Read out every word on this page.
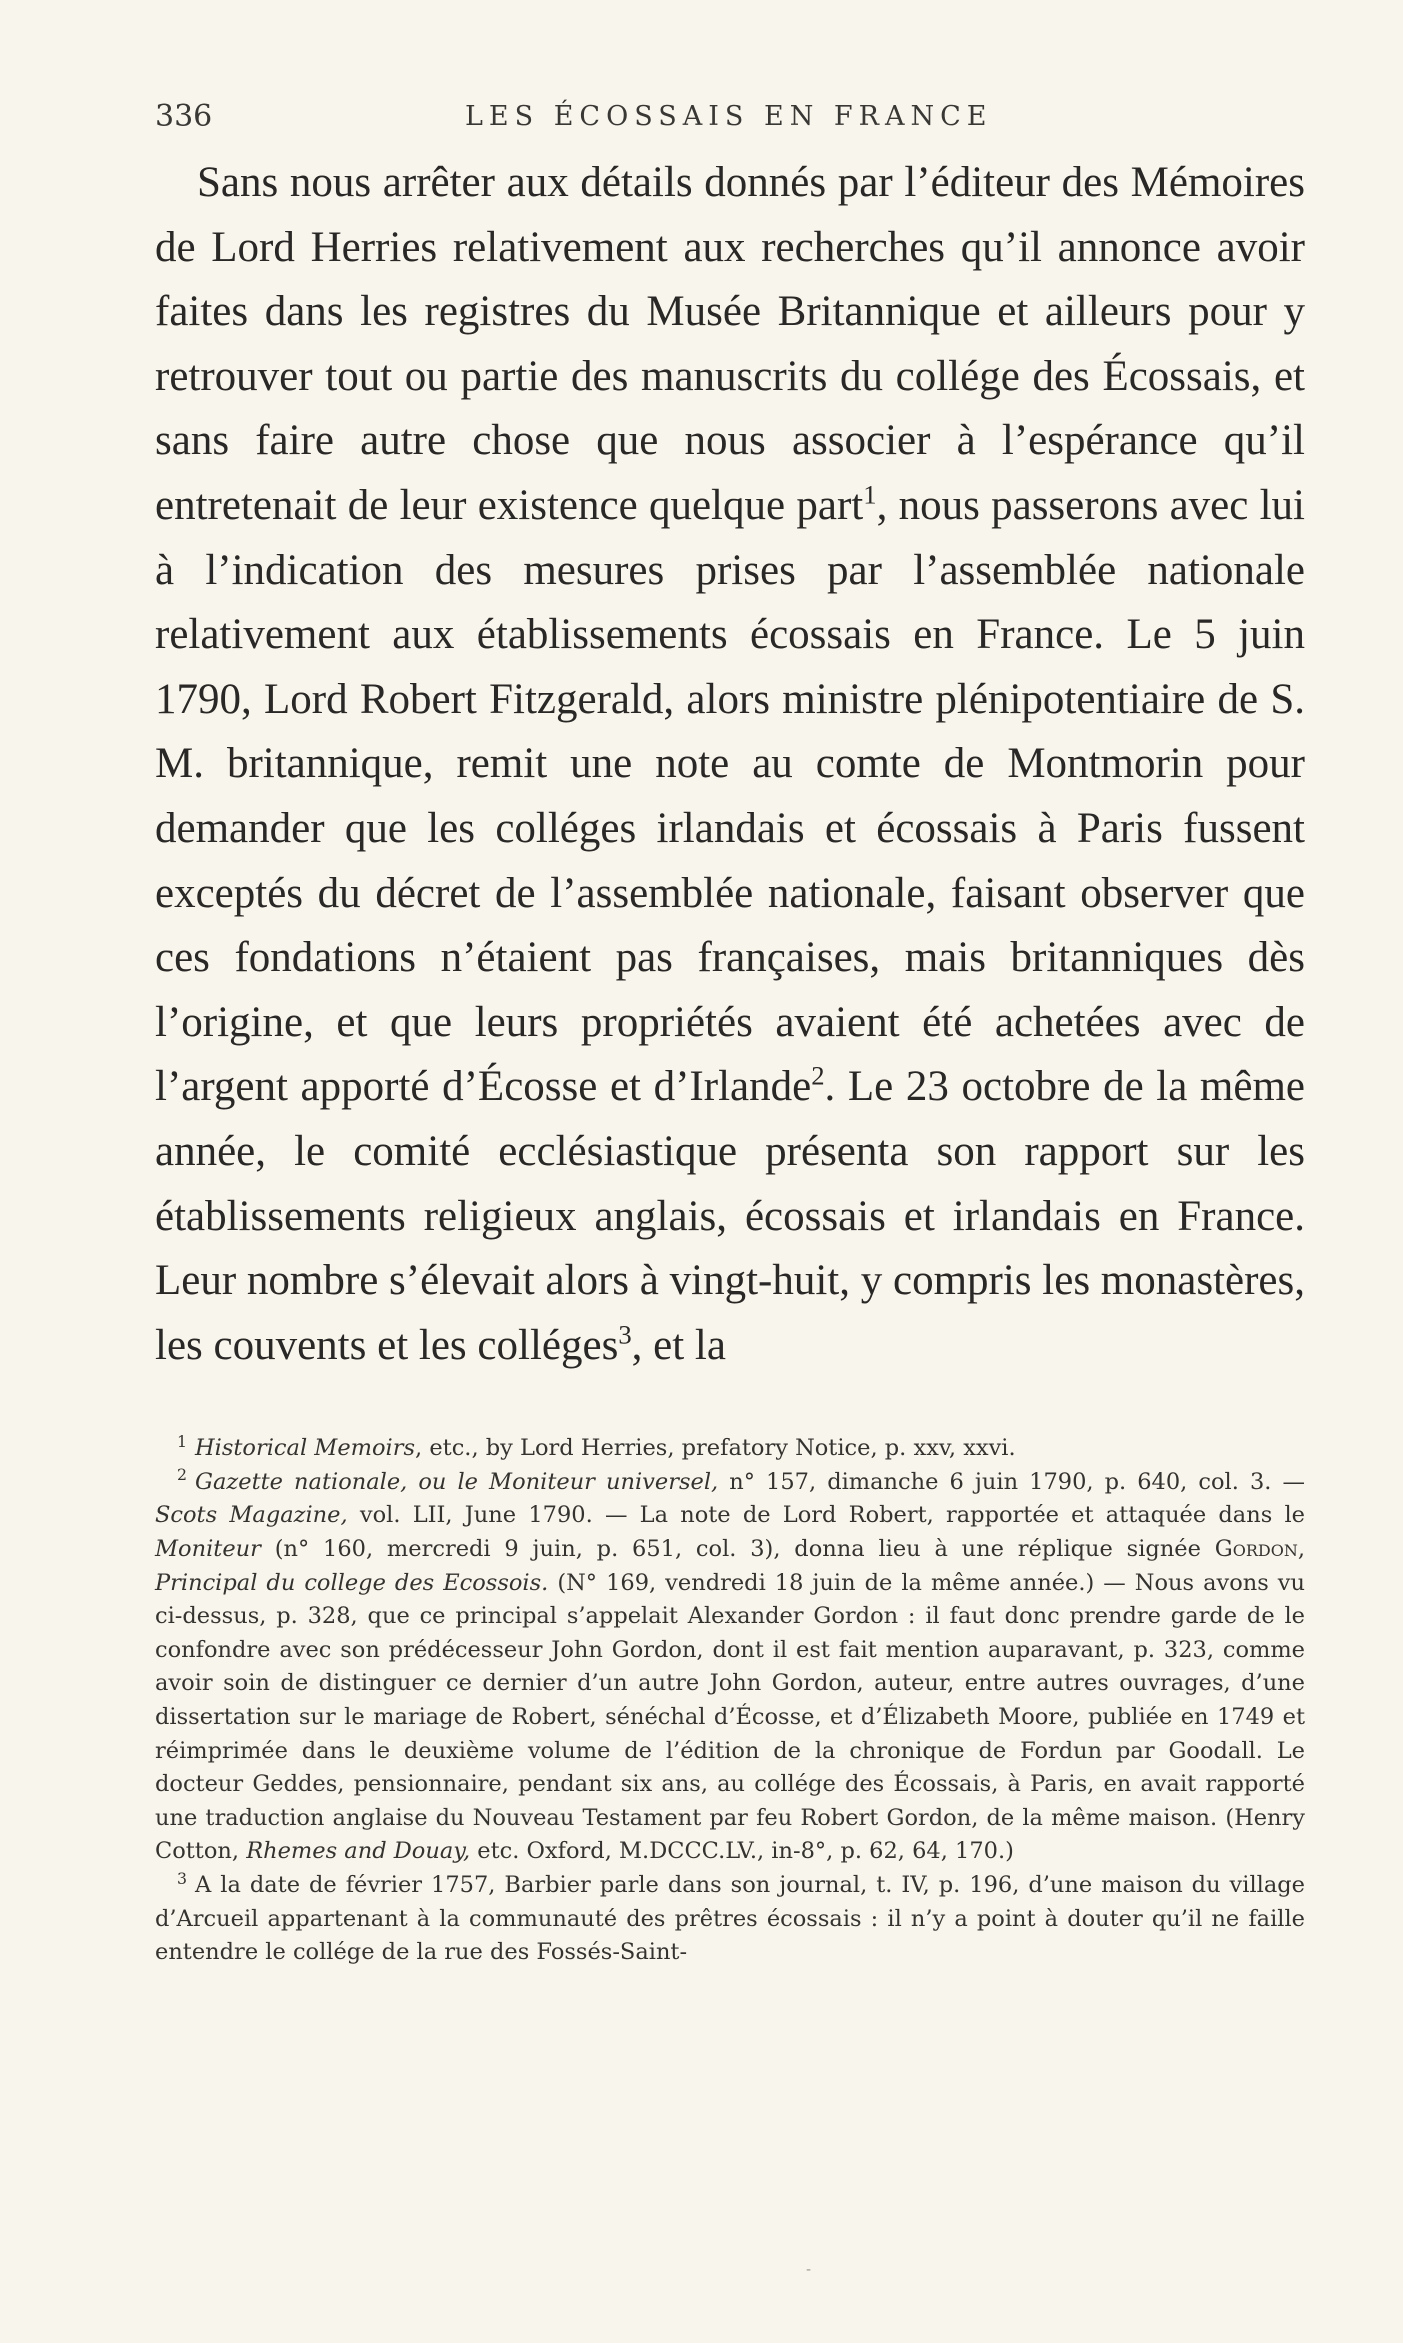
336	LES ÉCOSSAIS EN FRANCE
Sans nous arrêter aux détails donnés par l’éditeur des Mémoires de Lord Herries relativement aux recherches qu’il annonce avoir faites dans les registres du Musée Britannique et ailleurs pour y retrouver tout ou partie des manuscrits du collége des Écossais, et sans faire autre chose que nous associer à l’espérance qu’il entretenait de leur existence quelque part$^1$, nous passerons avec lui à l’indication des mesures prises par l’assemblée nationale relativement aux établissements écossais en France. Le 5 juin 1790, Lord Robert Fitzgerald, alors ministre plénipotentiaire de S. M. britannique, remit une note au comte de Montmorin pour demander que les colléges irlandais et écossais à Paris fussent exceptés du décret de l’assemblée nationale, faisant observer que ces fondations n’étaient pas françaises, mais britanniques dès l’origine, et que leurs propriétés avaient été achetées avec de l’argent apporté d’Écosse et d’Irlande$^2$. Le 23 octobre de la même année, le comité ecclésiastique présenta son rapport sur les établissements religieux anglais, écossais et irlandais en France. Leur nombre s’élevait alors à vingt-huit, y compris les monastères, les couvents et les colléges$^3$, et la

$^1$ Historical Memoirs, etc., by Lord Herries, prefatory Notice, p. xxv, xxvi.

$^2$ Gazette nationale, ou le Moniteur universel, n° 157, dimanche 6 juin 1790, p. 640, col. 3. — Scots Magazine, vol. LII, June 1790. — La note de Lord Robert, rapportée et attaquée dans le Moniteur (n° 160, mercredi 9 juin, p. 651, col. 3), donna lieu à une réplique signée Gordon, Principal du college des Ecossois. (N° 169, vendredi 18 juin de la même année.) — Nous avons vu ci-dessus, p. 328, que ce principal s’appelait Alexander Gordon : il faut donc prendre garde de le confondre avec son prédécesseur John Gordon, dont il est fait mention auparavant, p. 323, comme avoir soin de distinguer ce dernier d’un autre John Gordon, auteur, entre autres ouvrages, d’une dissertation sur le mariage de Robert, sénéchal d’Écosse, et d’Élizabeth Moore, publiée en 1749 et réimprimée dans le deuxième volume de l’édition de la chronique de Fordun par Goodall. Le docteur Geddes, pensionnaire, pendant six ans, au collége des Écossais, à Paris, en avait rapporté une traduction anglaise du Nouveau Testament par feu Robert Gordon, de la même maison. (Henry Cotton, Rhemes and Douay, etc. Oxford, M.DCCC.LV., in-8°, p. 62, 64, 170.)

$^3$ A la date de février 1757, Barbier parle dans son journal, t. IV, p. 196, d’une maison du village d’Arcueil appartenant à la communauté des prêtres écossais : il n’y a point à douter qu’il ne faille entendre le collége de la rue des Fossés-Saint-

-
